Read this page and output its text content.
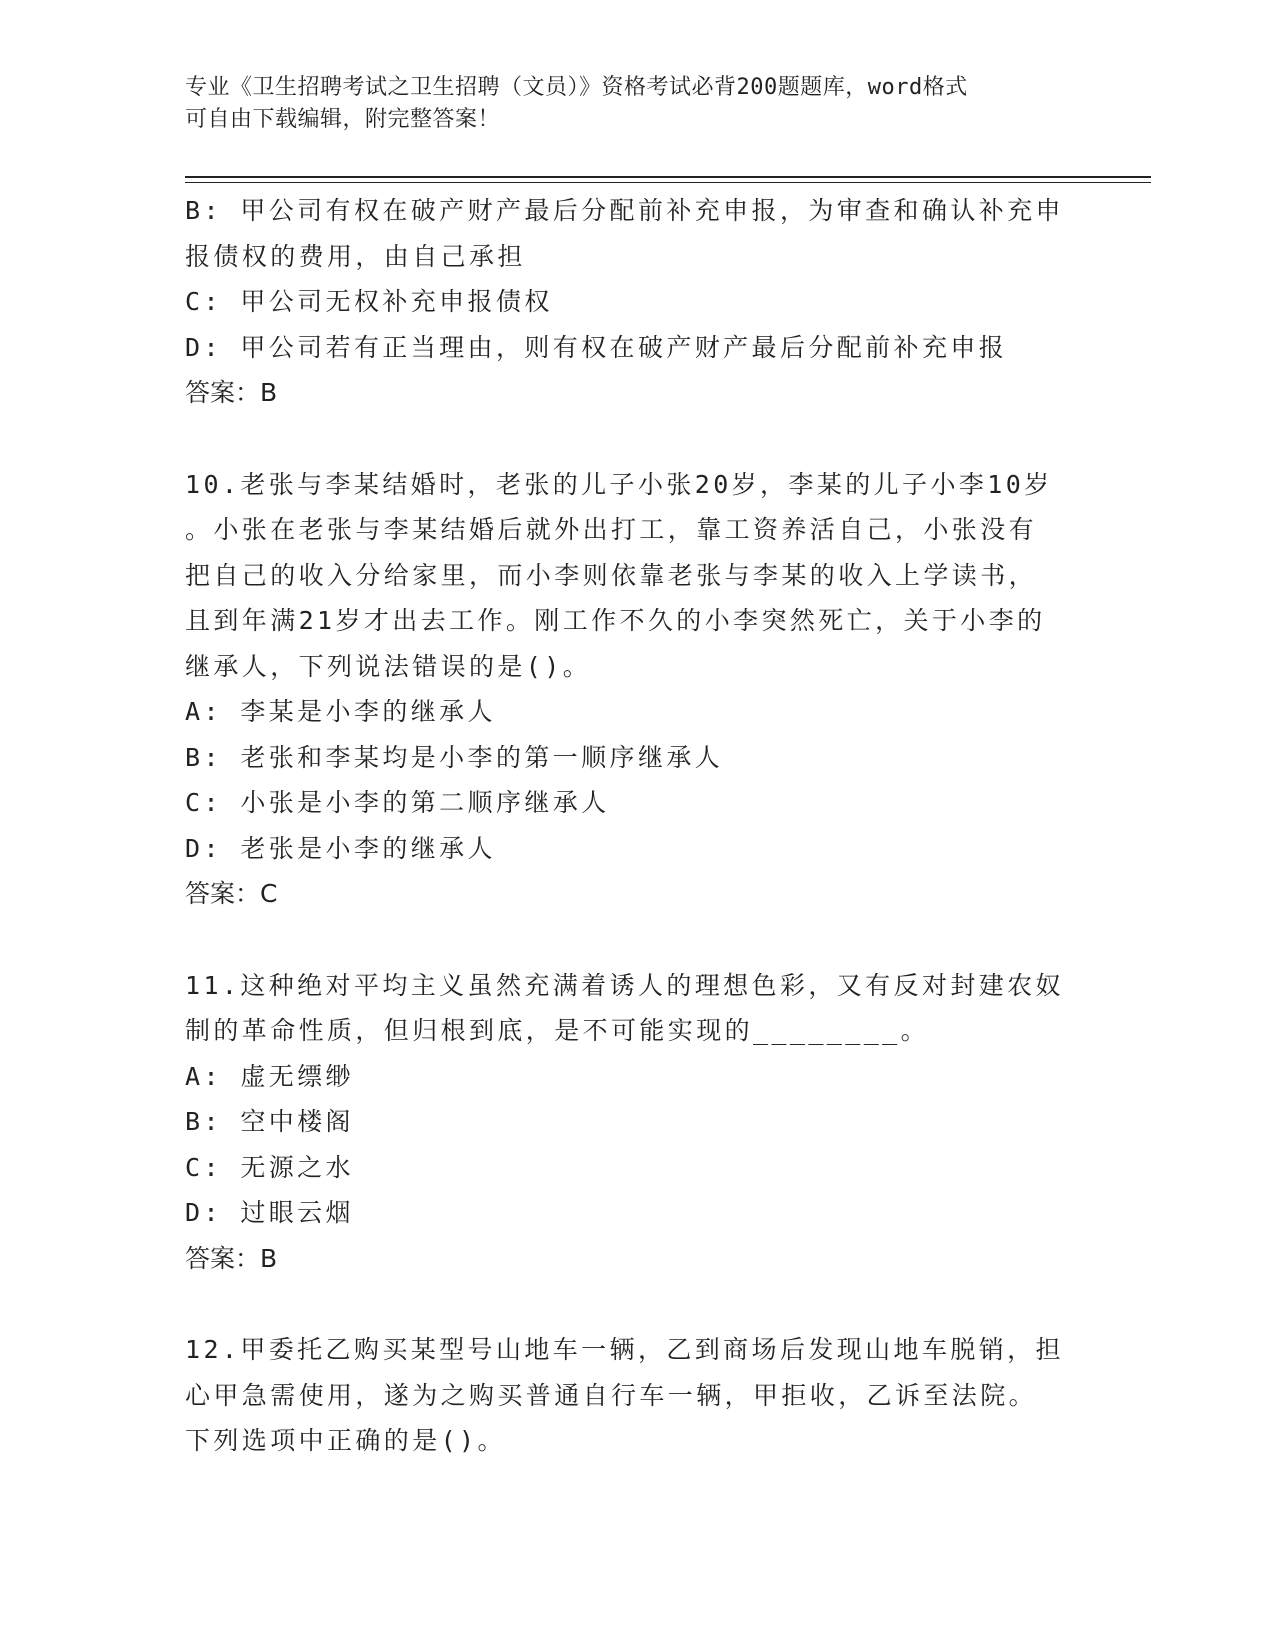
专业《卫生招聘考试之卫生招聘（文员）》资格考试必背200题题库，word格式
可自由下载编辑，附完整答案！
B: 甲公司有权在破产财产最后分配前补充申报，为审查和确认补充申
报债权的费用，由自己承担
C: 甲公司无权补充申报债权
D: 甲公司若有正当理由，则有权在破产财产最后分配前补充申报
答案：B
10.老张与李某结婚时，老张的儿子小张20岁，李某的儿子小李10岁
。小张在老张与李某结婚后就外出打工，靠工资养活自己，小张没有
把自己的收入分给家里，而小李则依靠老张与李某的收入上学读书，
且到年满21岁才出去工作。刚工作不久的小李突然死亡，关于小李的
继承人，下列说法错误的是()。
A: 李某是小李的继承人
B: 老张和李某均是小李的第一顺序继承人
C: 小张是小李的第二顺序继承人
D: 老张是小李的继承人
答案：C
11.这种绝对平均主义虽然充满着诱人的理想色彩，又有反对封建农奴
制的革命性质，但归根到底，是不可能实现的________。
A: 虚无缥缈
B: 空中楼阁
C: 无源之水
D: 过眼云烟
答案：B
12.甲委托乙购买某型号山地车一辆，乙到商场后发现山地车脱销，担
心甲急需使用，遂为之购买普通自行车一辆，甲拒收，乙诉至法院。
下列选项中正确的是()。
